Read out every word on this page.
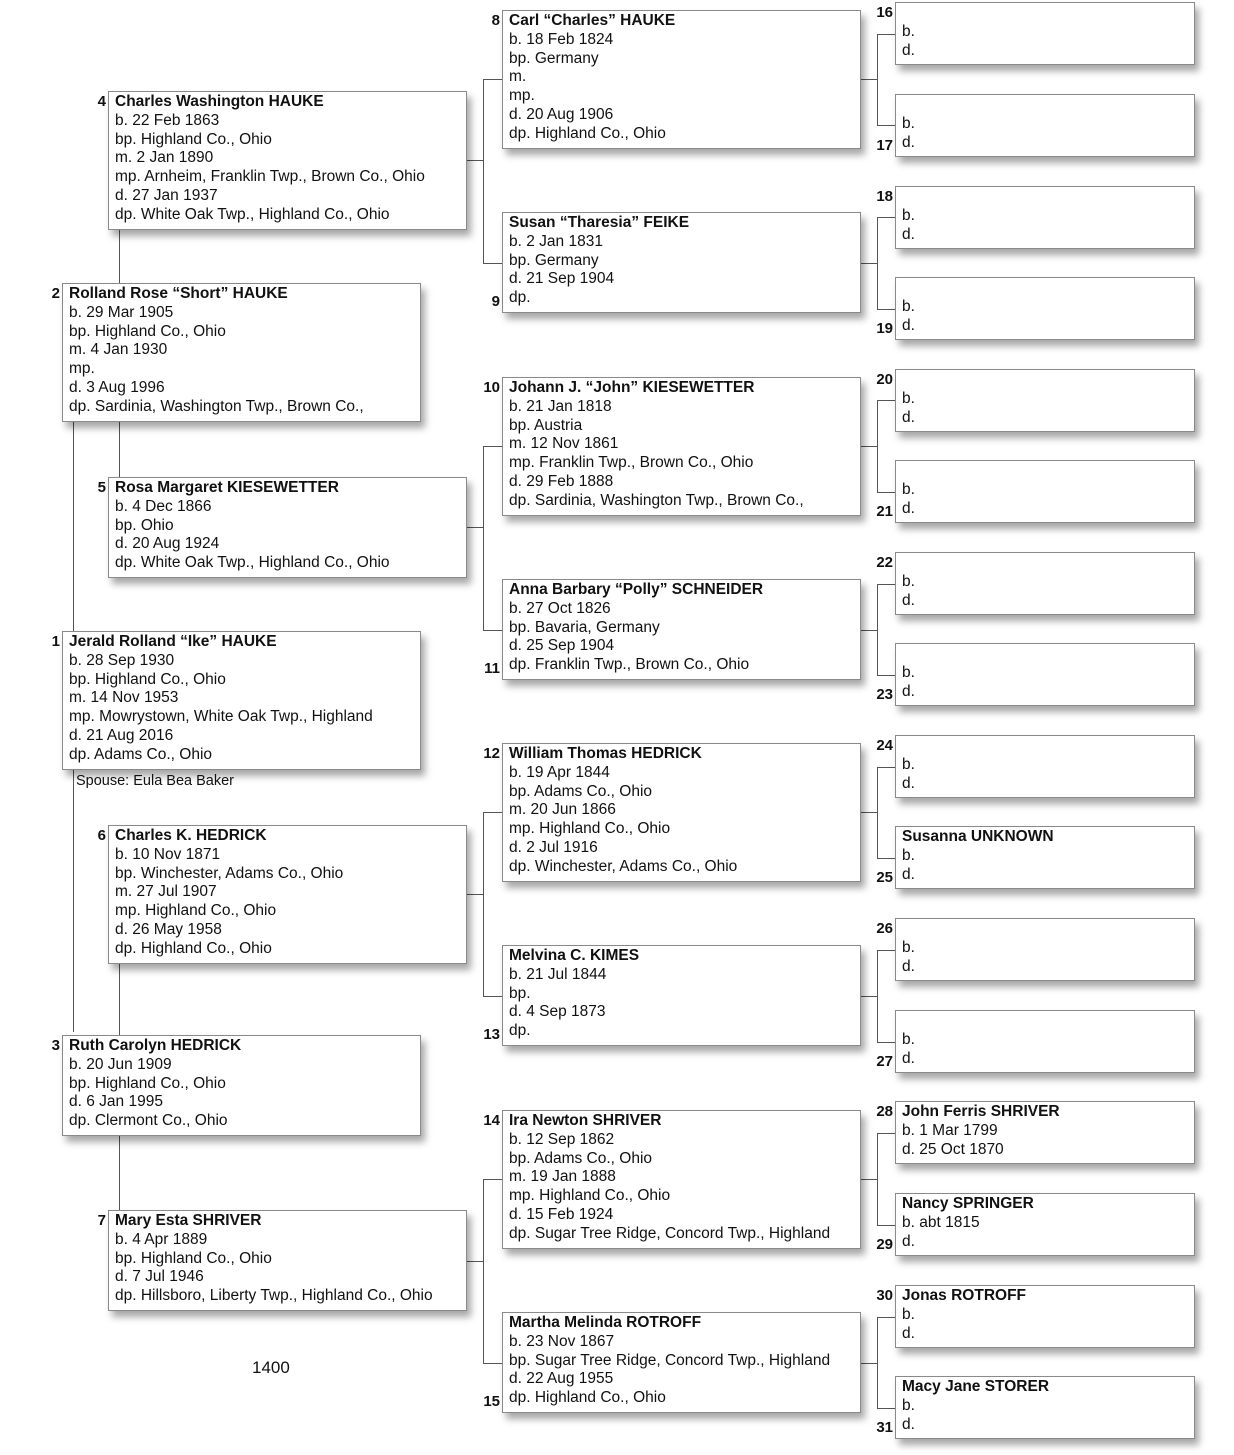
Jerald Rolland “Ike” HAUKE
b. 28 Sep 1930
bp. Highland Co., Ohio
m. 14 Nov 1953
mp. Mowrystown, White Oak Twp., Highland
d. 21 Aug 2016
dp. Adams Co., Ohio
1
Rolland Rose “Short” HAUKE
b. 29 Mar 1905
bp. Highland Co., Ohio
m. 4 Jan 1930
mp.
d. 3 Aug 1996
dp. Sardinia, Washington Twp., Brown Co.,
2
Ruth Carolyn HEDRICK
b. 20 Jun 1909
bp. Highland Co., Ohio
d. 6 Jan 1995
dp. Clermont Co., Ohio
3
Charles Washington HAUKE
b. 22 Feb 1863
bp. Highland Co., Ohio
m. 2 Jan 1890
mp. Arnheim, Franklin Twp., Brown Co., Ohio
d. 27 Jan 1937
dp. White Oak Twp., Highland Co., Ohio
4
Rosa Margaret KIESEWETTER
b. 4 Dec 1866
bp. Ohio
d. 20 Aug 1924
dp. White Oak Twp., Highland Co., Ohio
5
Charles K. HEDRICK
b. 10 Nov 1871
bp. Winchester, Adams Co., Ohio
m. 27 Jul 1907
mp. Highland Co., Ohio
d. 26 May 1958
dp. Highland Co., Ohio
6
Mary Esta SHRIVER
b. 4 Apr 1889
bp. Highland Co., Ohio
d. 7 Jul 1946
dp. Hillsboro, Liberty Twp., Highland Co., Ohio
7
Carl “Charles” HAUKE
b. 18 Feb 1824
bp. Germany
m.
mp.
d. 20 Aug 1906
dp. Highland Co., Ohio
8
Susan “Tharesia” FEIKE
b. 2 Jan 1831
bp. Germany
d. 21 Sep 1904
dp.
9
Johann J. “John” KIESEWETTER
b. 21 Jan 1818
bp. Austria
m. 12 Nov 1861
mp. Franklin Twp., Brown Co., Ohio
d. 29 Feb 1888
dp. Sardinia, Washington Twp., Brown Co.,
10
Anna Barbary “Polly” SCHNEIDER
b. 27 Oct 1826
bp. Bavaria, Germany
d. 25 Sep 1904
dp. Franklin Twp., Brown Co., Ohio
11
William Thomas HEDRICK
b. 19 Apr 1844
bp. Adams Co., Ohio
m. 20 Jun 1866
mp. Highland Co., Ohio
d. 2 Jul 1916
dp. Winchester, Adams Co., Ohio
12
Melvina C. KIMES
b. 21 Jul 1844
bp.
d. 4 Sep 1873
dp.
13
Ira Newton SHRIVER
b. 12 Sep 1862
bp. Adams Co., Ohio
m. 19 Jan 1888
mp. Highland Co., Ohio
d. 15 Feb 1924
dp. Sugar Tree Ridge, Concord Twp., Highland
14
Martha Melinda ROTROFF
b. 23 Nov 1867
bp. Sugar Tree Ridge, Concord Twp., Highland
d. 22 Aug 1955
dp. Highland Co., Ohio
15

b.
d.
16

b.
d.
17

b.
d.
18

b.
d.
19

b.
d.
20

b.
d.
21

b.
d.
22

b.
d.
23

b.
d.
24
Susanna UNKNOWN
b.
d.
25

b.
d.
26

b.
d.
27
John Ferris SHRIVER
b. 1 Mar 1799
d. 25 Oct 1870
28
Nancy SPRINGER
b. abt 1815
d.
29
Jonas ROTROFF
b.
d.
30
Macy Jane STORER
b.
d.
31
Spouse: Eula Bea Baker
1400
